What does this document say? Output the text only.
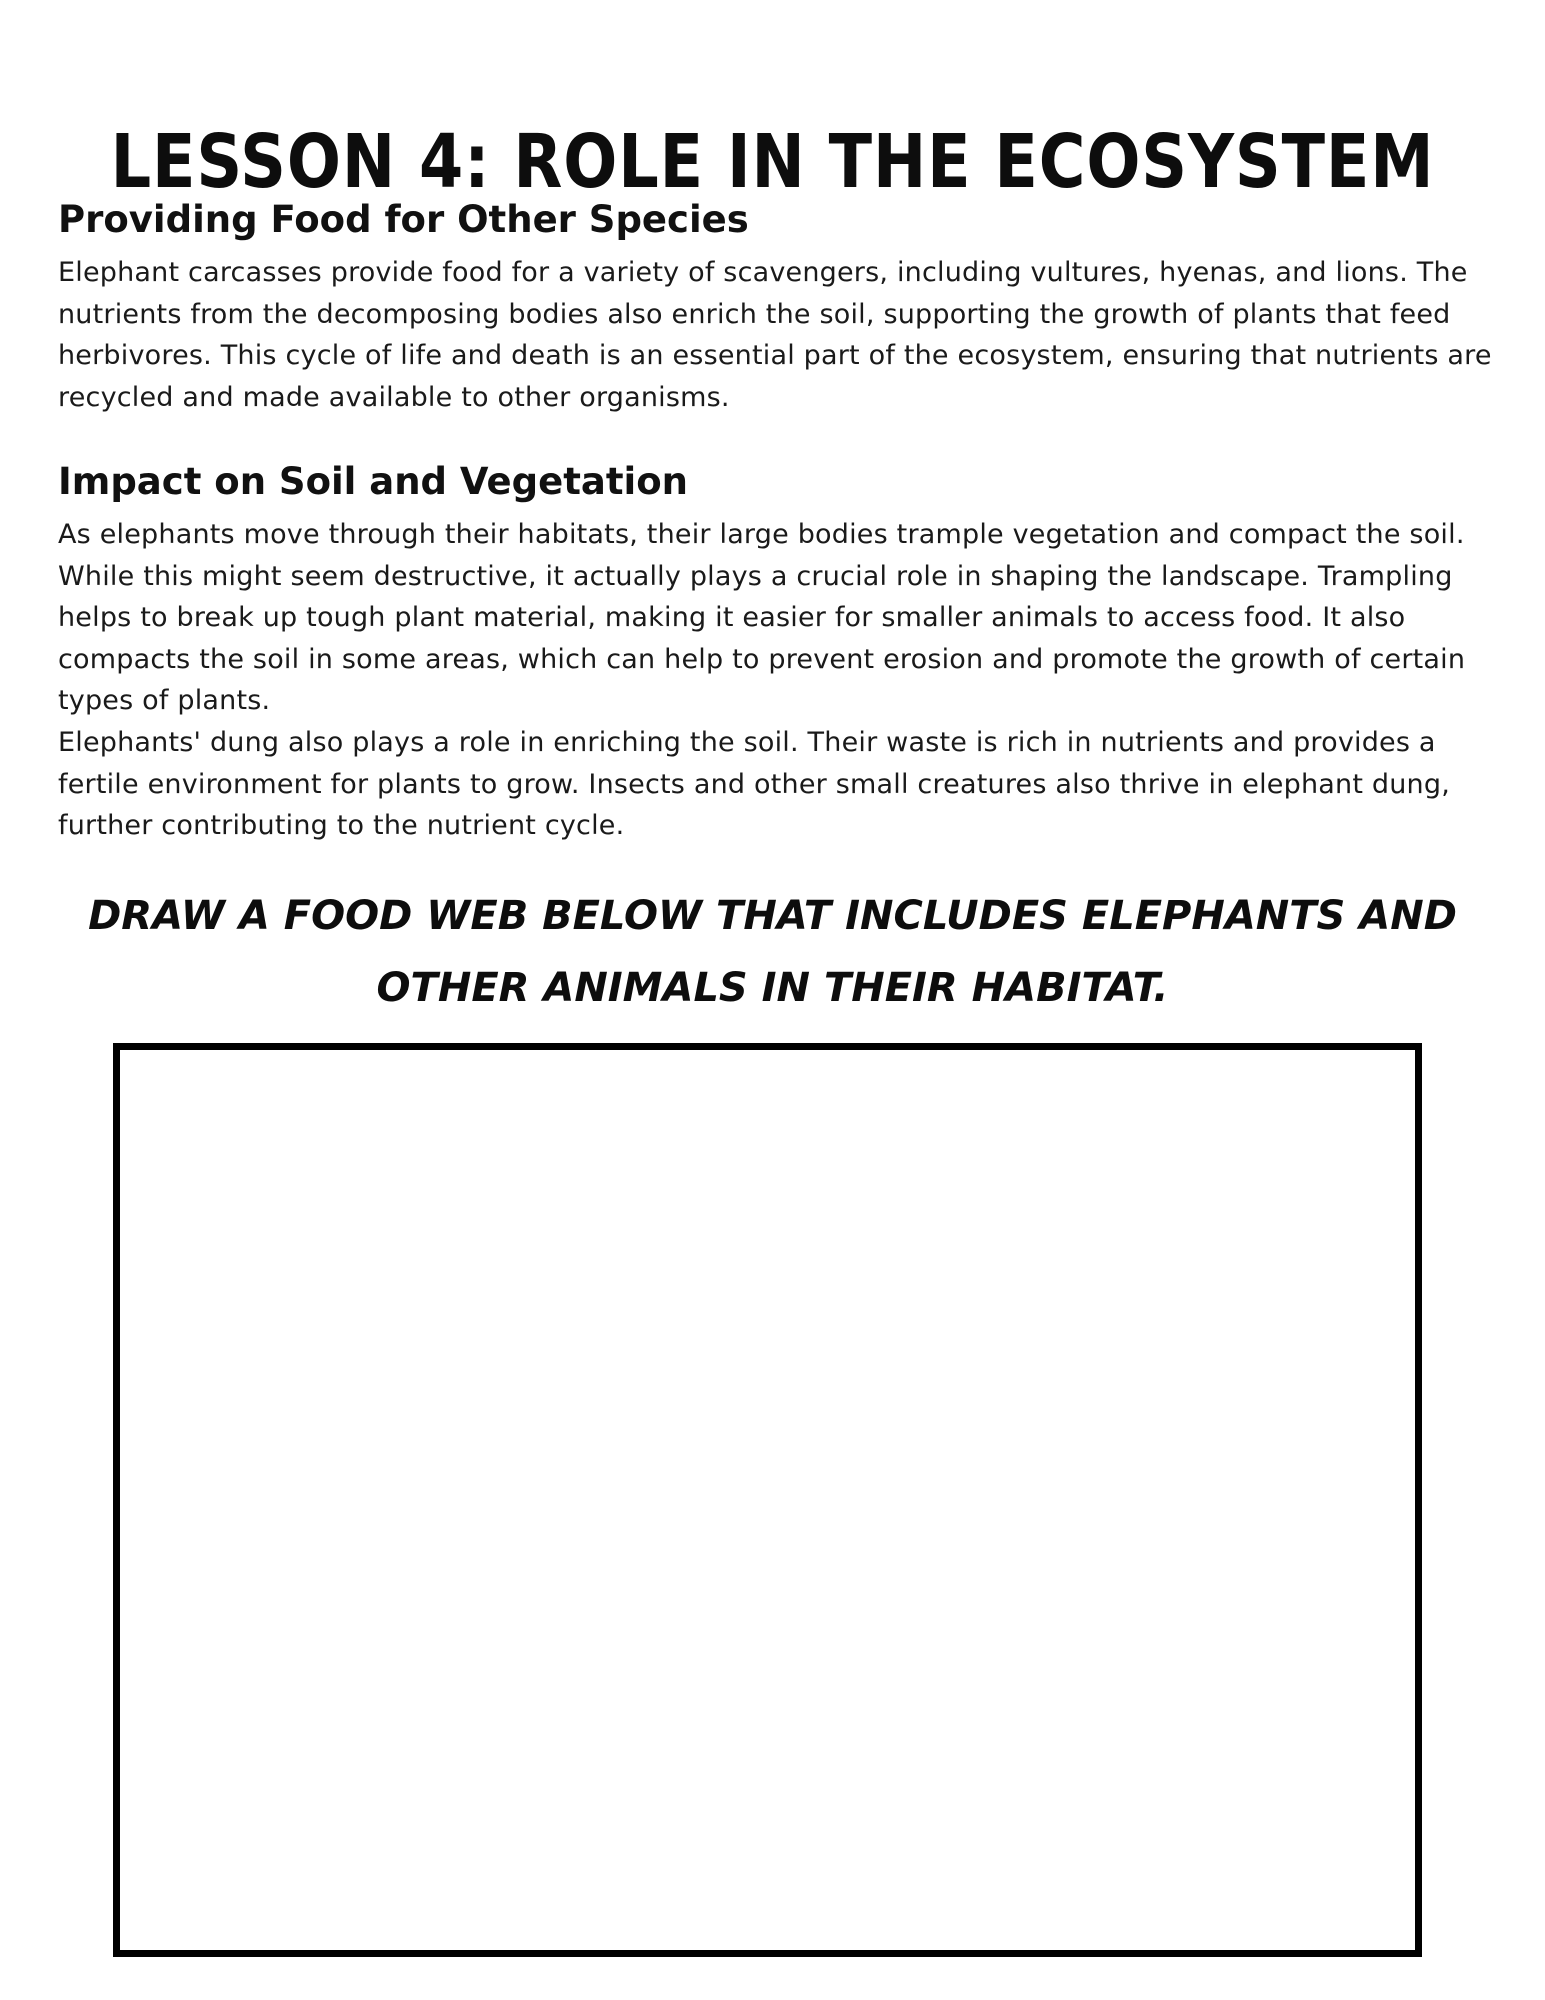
LESSON 4: ROLE IN THE ECOSYSTEM
Providing Food for Other Species

Elephant carcasses provide food for a variety of scavengers, including vultures, hyenas, and lions. The nutrients from the decomposing bodies also enrich the soil, supporting the growth of plants that feed herbivores. This cycle of life and death is an essential part of the ecosystem, ensuring that nutrients are recycled and made available to other organisms.

Impact on Soil and Vegetation

As elephants move through their habitats, their large bodies trample vegetation and compact the soil. While this might seem destructive, it actually plays a crucial role in shaping the landscape. Trampling helps to break up tough plant material, making it easier for smaller animals to access food. It also compacts the soil in some areas, which can help to prevent erosion and promote the growth of certain types of plants.

Elephants' dung also plays a role in enriching the soil. Their waste is rich in nutrients and provides a fertile environment for plants to grow. Insects and other small creatures also thrive in elephant dung, further contributing to the nutrient cycle.

DRAW A FOOD WEB BELOW THAT INCLUDES ELEPHANTS AND OTHER ANIMALS IN THEIR HABITAT.
